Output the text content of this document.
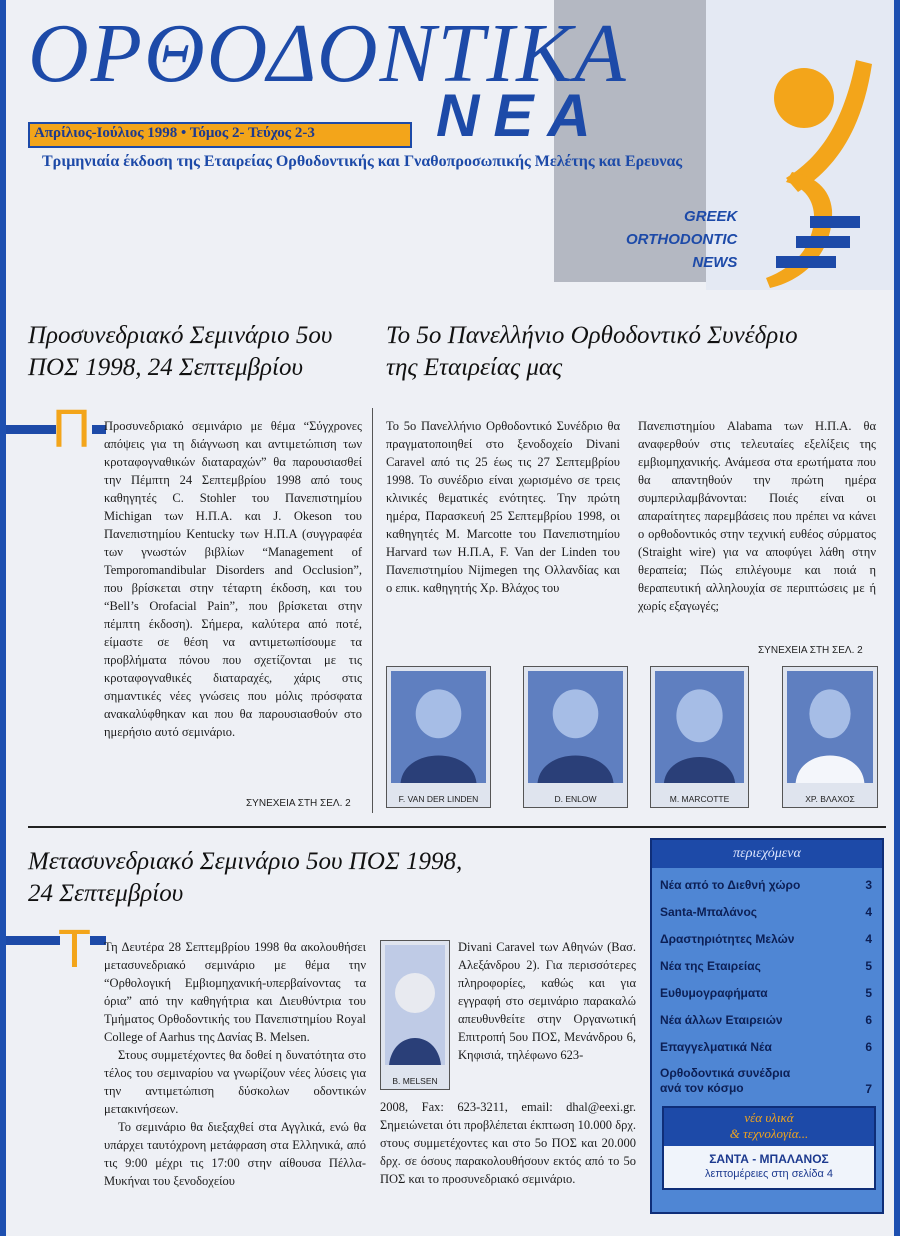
ΟΡΘΟΔΟΝΤΙΚΑ
ΝΕΑ
Απρίλιος-Ιούλιος 1998 • Τόμος 2- Τεύχος 2-3
Τριμηνιαία έκδοση της Εταιρείας Ορθοδοντικής και Γναθοπροσωπικής Μελέτης και Ερευνας
GREEK
ORTHODONTIC
NEWS
Προσυνεδριακό Σεμινάριο 5ου
ΠΟΣ 1998, 24 Σεπτεμβρίου
Π Προσυνεδριακό σεμινάριο με θέμα “Σύγχρονες απόψεις για τη διάγνωση και αντιμετώπιση των κροταφογναθικών διαταραχών” θα παρουσιασθεί την Πέμπτη 24 Σεπτεμβρίου 1998 από τους καθηγητές C. Stohler του Πανεπιστημίου Michigan των Η.Π.Α. και J. Okeson του Πανεπιστημίου Kentucky των Η.Π.Α (συγγραφέα των γνωστών βιβλίων “Management of Temporomandibular Disorders and Occlusion”, που βρίσκεται στην τέταρτη έκδοση, και του “Bell’s Orofacial Pain”, που βρίσκεται στην πέμπτη έκδοση). Σήμερα, καλύτερα από ποτέ, είμαστε σε θέση να αντιμετωπίσουμε τα προβλήματα πόνου που σχετίζονται με τις κροταφογναθικές διαταραχές, χάρις στις σημαντικές νέες γνώσεις που μόλις πρόσφατα ανακαλύφθηκαν και που θα παρουσιασθούν στο ημερήσιο αυτό σεμινάριο.
ΣΥΝΕΧΕΙΑ ΣΤΗ ΣΕΛ. 2
Το 5ο Πανελλήνιο Ορθοδοντικό Συνέδριο
της Εταιρείας μας
Το 5ο Πανελλήνιο Ορθοδοντικό Συνέδριο θα πραγματοποιηθεί στο ξενοδοχείο Divani Caravel από τις 25 έως τις 27 Σεπτεμβρίου 1998. Το συνέδριο είναι χωρισμένο σε τρεις κλινικές θεματικές ενότητες. Την πρώτη ημέρα, Παρασκευή 25 Σεπτεμβρίου 1998, οι καθηγητές M. Marcotte του Πανεπιστημίου Harvard των Η.Π.Α, F. Van der Linden του Πανεπιστημίου Nijmegen της Ολλανδίας και ο επικ. καθηγητής Χρ. Βλάχος του
Πανεπιστημίου Alabama των Η.Π.Α. θα αναφερθούν στις τελευταίες εξελίξεις της εμβιομηχανικής. Ανάμεσα στα ερωτήματα που θα απαντηθούν την πρώτη ημέρα συμπεριλαμβάνονται: Ποιές είναι οι απαραίτητες παρεμβάσεις που πρέπει να κάνει ο ορθοδοντικός στην τεχνική ευθέος σύρματος (Straight wire) για να αποφύγει λάθη στην θεραπεία; Πώς επιλέγουμε και ποιά η θεραπευτική αλληλουχία σε περιπτώσεις με ή χωρίς εξαγωγές;
ΣΥΝΕΧΕΙΑ ΣΤΗ ΣΕΛ. 2
F. VAN DER LINDEN	D. ENLOW	M. MARCOTTE	ΧΡ. ΒΛΑΧΟΣ
Μετασυνεδριακό Σεμινάριο 5ου ΠΟΣ 1998,
24 Σεπτεμβρίου
Τ Τη Δευτέρα 28 Σεπτεμβρίου 1998 θα ακολουθήσει μετασυνεδριακό σεμινάριο με θέμα την “Ορθολογική Εμβιομηχανική-υπερβαίνοντας τα όρια” από την καθηγήτρια και Διευθύντρια του Τμήματος Ορθοδοντικής του Πανεπιστημίου Royal College of Aarhus της Δανίας B. Melsen.

Στους συμμετέχοντες θα δοθεί η δυνατότητα στο τέλος του σεμιναρίου να γνωρίζουν νέες λύσεις για την αντιμετώπιση δύσκολων οδοντικών μετακινήσεων.

Το σεμινάριο θα διεξαχθεί στα Αγγλικά, ενώ θα υπάρχει ταυτόχρονη μετάφραση στα Ελληνικά, από τις 9:00 μέχρι τις 17:00 στην αίθουσα Πέλλα-Μυκήναι του ξενοδοχείου

B. MELSEN
Divani Caravel των Αθηνών (Βασ. Αλεξάνδρου 2). Για περισσότερες πληροφορίες, καθώς και για εγγραφή στο σεμινάριο παρακαλώ απευθυνθείτε στην Οργανωτική Επιτροπή 5ου ΠΟΣ, Μενάνδρου 6, Κηφισιά, τηλέφωνο 623-
2008, Fax: 623-3211, email: dhal@eexi.gr. Σημειώνεται ότι προβλέπεται έκπτωση 10.000 δρχ. στους συμμετέχοντες και στο 5ο ΠΟΣ και 20.000 δρχ. σε όσους παρακολουθήσουν εκτός από το 5ο ΠΟΣ και το προσυνεδριακό σεμινάριο.
περιεχόμενα
Νέα από το Διεθνή χώρο	3
Santa-Μπαλάνος	4
Δραστηριότητες Μελών	4
Νέα της Εταιρείας	5
Ευθυμογραφήματα	5
Νέα άλλων Εταιρειών	6
Επαγγελματικά Νέα	6
Ορθοδοντικά συνέδρια ανά τον κόσμο	7
νέα υλικά
& τεχνολογία...
ΣΑΝΤΑ - ΜΠΑΛΑΝΟΣ
λεπτομέρειες στη σελίδα 4
